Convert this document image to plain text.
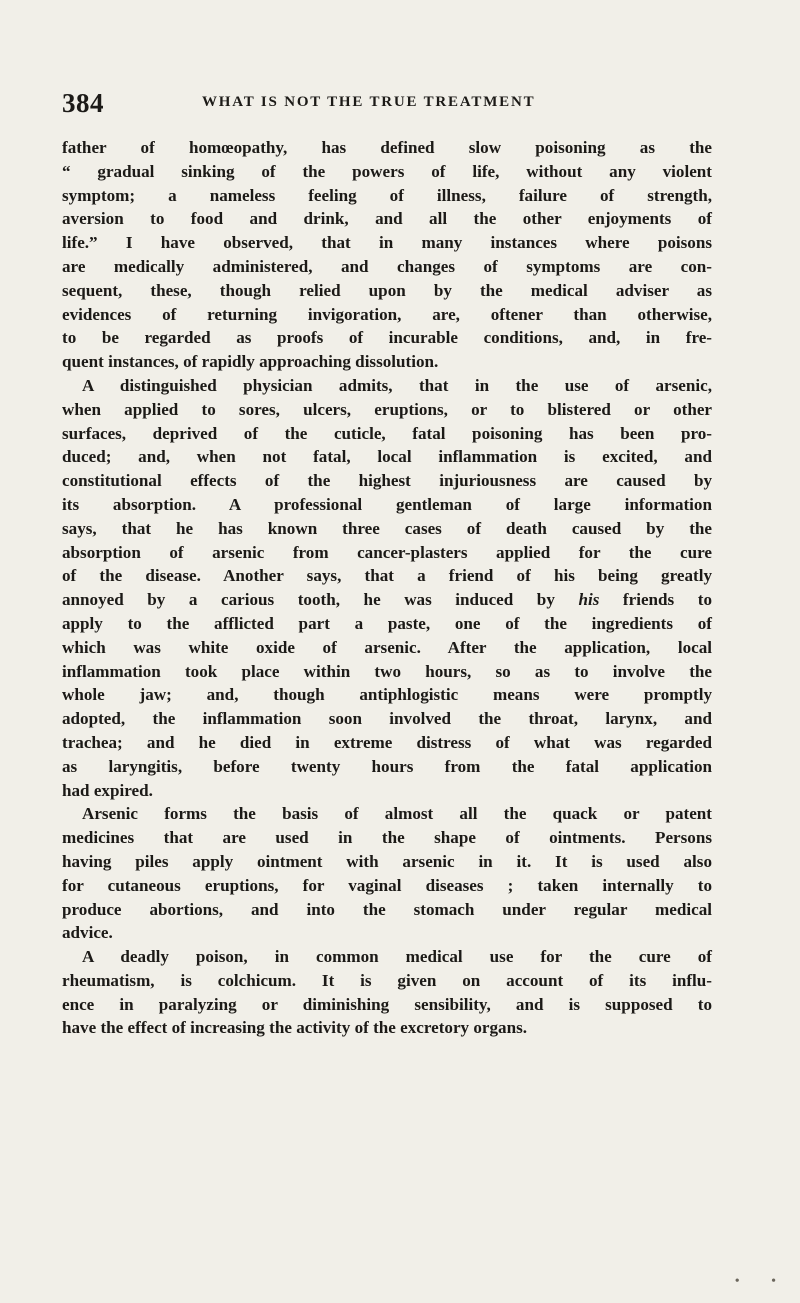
384	WHAT IS NOT THE TRUE TREATMENT

father of homœopathy, has defined slow poisoning as the
“ gradual sinking of the powers of life, without any violent
symptom; a nameless feeling of illness, failure of strength,
aversion to food and drink, and all the other enjoyments of
life.” I have observed, that in many instances where poisons
are medically administered, and changes of symptoms are con-
sequent, these, though relied upon by the medical adviser as
evidences of returning invigoration, are, oftener than otherwise,
to be regarded as proofs of incurable conditions, and, in fre-
quent instances, of rapidly approaching dissolution.

A distinguished physician admits, that in the use of arsenic,
when applied to sores, ulcers, eruptions, or to blistered or other
surfaces, deprived of the cuticle, fatal poisoning has been pro-
duced; and, when not fatal, local inflammation is excited, and
constitutional effects of the highest injuriousness are caused by
its absorption. A professional gentleman of large information
says, that he has known three cases of death caused by the
absorption of arsenic from cancer-plasters applied for the cure
of the disease. Another says, that a friend of his being greatly
annoyed by a carious tooth, he was induced by his friends to
apply to the afflicted part a paste, one of the ingredients of
which was white oxide of arsenic. After the application, local
inflammation took place within two hours, so as to involve the
whole jaw; and, though antiphlogistic means were promptly
adopted, the inflammation soon involved the throat, larynx, and
trachea; and he died in extreme distress of what was regarded
as laryngitis, before twenty hours from the fatal application
had expired.

Arsenic forms the basis of almost all the quack or patent
medicines that are used in the shape of ointments. Persons
having piles apply ointment with arsenic in it. It is used also
for cutaneous eruptions, for vaginal diseases ; taken internally to
produce abortions, and into the stomach under regular medical
advice.

A deadly poison, in common medical use for the cure of
rheumatism, is colchicum. It is given on account of its influ-
ence in paralyzing or diminishing sensibility, and is supposed to
have the effect of increasing the activity of the excretory organs.

• •
